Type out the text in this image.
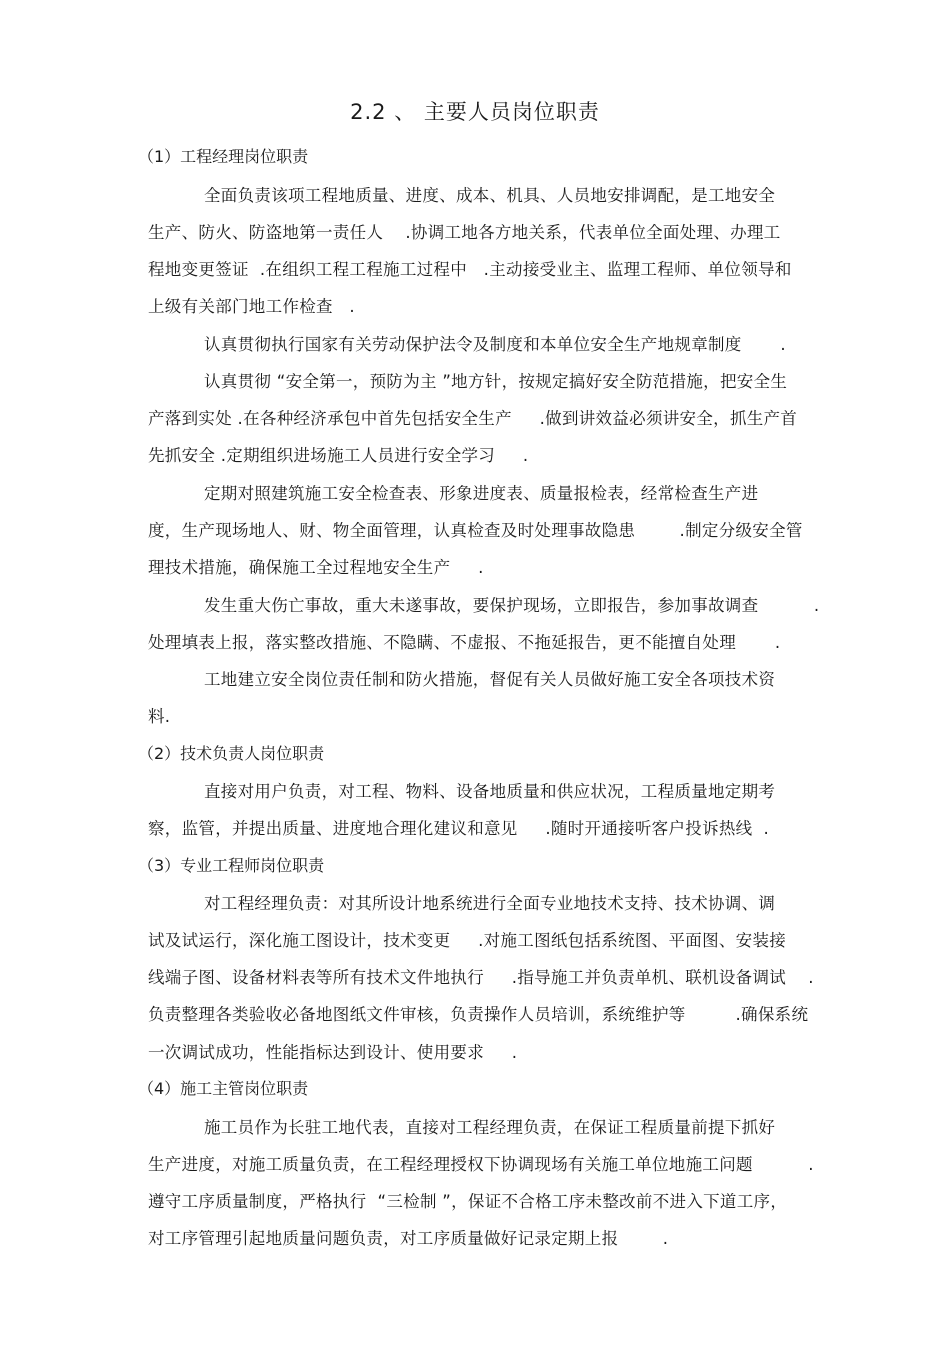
2.2 、 主要人员岗位职责
（1）工程经理岗位职责
全面负责该项工程地质量、进度、成本、机具、人员地安排调配，是工地安全
生产、防火、防盗地第一责任人    .协调工地各方地关系，代表单位全面处理、办理工
程地变更签证  .在组织工程工程施工过程中   .主动接受业主、监理工程师、单位领导和
上级有关部门地工作检查   .
认真贯彻执行国家有关劳动保护法令及制度和本单位安全生产地规章制度       .
认真贯彻 “安全第一，预防为主 ”地方针，按规定搞好安全防范措施，把安全生
产落到实处 .在各种经济承包中首先包括安全生产     .做到讲效益必须讲安全，抓生产首
先抓安全 .定期组织进场施工人员进行安全学习     .
定期对照建筑施工安全检查表、形象进度表、质量报检表，经常检查生产进
度，生产现场地人、财、物全面管理，认真检查及时处理事故隐患        .制定分级安全管
理技术措施，确保施工全过程地安全生产     .
发生重大伤亡事故，重大未遂事故，要保护现场，立即报告，参加事故调查          .
处理填表上报，落实整改措施、不隐瞒、不虚报、不拖延报告，更不能擅自处理       .
工地建立安全岗位责任制和防火措施，督促有关人员做好施工安全各项技术资
料.
（2）技术负责人岗位职责
直接对用户负责，对工程、物料、设备地质量和供应状况，工程质量地定期考
察，监管，并提出质量、进度地合理化建议和意见     .随时开通接听客户投诉热线  .
（3）专业工程师岗位职责
对工程经理负责：对其所设计地系统进行全面专业地技术支持、技术协调、调
试及试运行，深化施工图设计，技术变更     .对施工图纸包括系统图、平面图、安装接
线端子图、设备材料表等所有技术文件地执行     .指导施工并负责单机、联机设备调试    .
负责整理各类验收必备地图纸文件审核，负责操作人员培训，系统维护等         .确保系统
一次调试成功，性能指标达到设计、使用要求     .
（4）施工主管岗位职责
施工员作为长驻工地代表，直接对工程经理负责，在保证工程质量前提下抓好
生产进度，对施工质量负责，在工程经理授权下协调现场有关施工单位地施工问题          .
遵守工序质量制度，严格执行  “三检制 ”，保证不合格工序未整改前不进入下道工序，
对工序管理引起地质量问题负责，对工序质量做好记录定期上报        .
